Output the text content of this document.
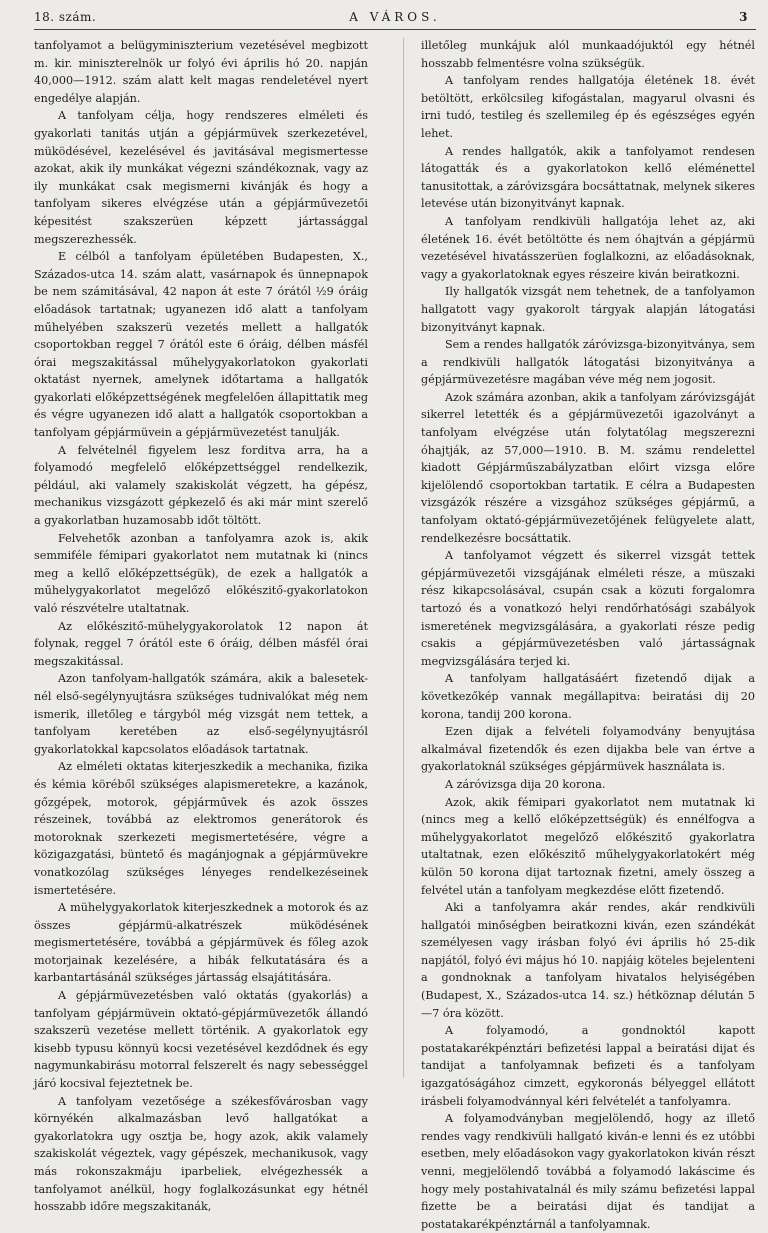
18. szám.	A VÁROS.	3

tanfolyamot a belügyminiszterium vezetésével megbizott m. kir. miniszterelnök ur folyó évi április hó 20. napján 40,000—1912. szám alatt kelt magas rendeletével nyert engedélye alapján.

A tanfolyam célja, hogy rendszeres elméleti és gyakorlati tanitás utján a gépjármüvek szerkezetével, müködésével, kezelésével és javitásával megismertesse azokat, akik ily munkákat végezni szándékoznak, vagy az ily munkákat csak megismerni kivánják és hogy a tanfolyam sikeres elvégzése után a gépjárművezetői képesitést szakszerüen képzett jártassággal megszerezhessék.

E célból a tanfolyam épületében Budapesten, X., Százados-utca 14. szám alatt, vasárnapok és ünnepnapok be nem számitásával, 42 napon át este 7 órától ½9 óráig előadások tartatnak; ugyanezen idő alatt a tanfolyam műhelyében szakszerü vezetés mellett a hallgatók csoportokban reggel 7 órától este 6 óráig, délben másfél órai megszakitással műhelygyakorlatokon gyakorlati oktatást nyernek, amelynek időtartama a hallgatók gyakorlati előképzettségének megfelelően állapittatik meg és végre ugyanezen idő alatt a hallgatók csoportokban a tanfolyam gépjármüvein a gépjármüvezetést tanulják.

A felvételnél figyelem lesz forditva arra, ha a folyamodó megfelelő előképzettséggel rendelkezik, például, aki valamely szakiskolát végzett, ha gépész, mechanikus vizsgázott gépkezelő és aki már mint szerelő a gyakorlatban huzamosabb időt töltött.

Felvehetők azonban a tanfolyamra azok is, akik semmiféle fémipari gyakorlatot nem mutatnak ki (nincs meg a kellő előképzettségük), de ezek a hallgatók a műhelygyakorlatot megelőző előkészitő-gyakorlatokon való részvételre utaltatnak.

Az előkészitő-mühelygyakorolatok 12 napon át folynak, reggel 7 órától este 6 óráig, délben másfél órai megszakitással.

Azon tanfolyam-hallgatók számára, akik a balesetek-nél első-segélynyujtásra szükséges tudnivalókat még nem ismerik, illetőleg e tárgyból még vizsgát nem tettek, a tanfolyam keretében az első-segélynyujtásról gyakorlatokkal kapcsolatos előadások tartatnak.

Az elméleti oktatas kiterjeszkedik a mechanika, fizika és kémia köréből szükséges alapismeretekre, a kazánok, gőzgépek, motorok, gépjárművek és azok összes részeinek, továbbá az elektromos generátorok és motoroknak szerkezeti megismertetésére, végre a közigazgatási, büntető és magánjognak a gépjármüvekre vonatkozólag szükséges lényeges rendelkezéseinek ismertetésére.

A mühelygyakorlatok kiterjeszkednek a motorok és az összes gépjármü-alkatrészek müködésének megismertetésére, továbbá a gépjármüvek és főleg azok motorjainak kezelésére, a hibák felkutatására és a karbantartásánál szükséges jártasság elsajátitására.

A gépjármüvezetésben való oktatás (gyakorlás) a tanfolyam gépjármüvein oktató-gépjármüvezetők állandó szakszerü vezetése mellett történik. A gyakorlatok egy kisebb typusu könnyü kocsi vezetésével kezdődnek és egy nagymunkabirásu motorral felszerelt és nagy sebességgel járó kocsival fejeztetnek be.

A tanfolyam vezetősége a székesfővárosban vagy környékén alkalmazásban levő hallgatókat a gyakorlatokra ugy osztja be, hogy azok, akik valamely szakiskolát végeztek, vagy gépészek, mechanikusok, vagy más rokonszakmáju iparbeliek, elvégezhessék a tanfolyamot anélkül, hogy foglalkozásunkat egy hétnél hosszabb időre megszakitanák,

illetőleg munkájuk alól munkaadójuktól egy hétnél hosszabb felmentésre volna szükségük.

A tanfolyam rendes hallgatója életének 18. évét betöltött, erkölcsileg kifogástalan, magyarul olvasni és irni tudó, testileg és szellemileg ép és egészséges egyén lehet.

A rendes hallgatók, akik a tanfolyamot rendesen látogatták és a gyakorlatokon kellő eléménettel tanusitottak, a záróvizsgára bocsáttatnak, melynek sikeres letevése után bizonyitványt kapnak.

A tanfolyam rendkivüli hallgatója lehet az, aki életének 16. évét betöltötte és nem óhajtván a gépjármü vezetésével hivatásszerüen foglalkozni, az előadásoknak, vagy a gyakorlatoknak egyes részeire kiván beiratkozni.

Ily hallgatók vizsgát nem tehetnek, de a tanfolyamon hallgatott vagy gyakorolt tárgyak alapján látogatási bizonyitványt kapnak.

Sem a rendes hallgatók záróvizsga-bizonyitványa, sem a rendkivüli hallgatók látogatási bizonyitványa a gépjármüvezetésre magában véve még nem jogosit.

Azok számára azonban, akik a tanfolyam záróvizsgáját sikerrel letették és a gépjármüvezetői igazolványt a tanfolyam elvégzése után folytatólag megszerezni óhajtják, az 57,000—1910. B. M. számu rendelettel kiadott Gépjárműszabályzatban előirt vizsga előre kijelölendő csoportokban tartatik. E célra a Budapesten vizsgázók részére a vizsgához szükséges gépjármű, a tanfolyam oktató-gépjármüvezetőjének felügyelete alatt, rendelkezésre bocsáttatik.

A tanfolyamot végzett és sikerrel vizsgát tettek gépjármüvezetői vizsgájának elméleti része, a müszaki rész kikapcsolásával, csupán csak a közuti forgalomra tartozó és a vonatkozó helyi rendőrhatósági szabályok ismeretének megvizsgálására, a gyakorlati része pedig csakis a gépjármüvezetésben való jártasságnak megvizsgálására terjed ki.

A tanfolyam hallgatásáért fizetendő dijak a következőkép vannak megállapitva: beiratási dij 20 korona, tandij 200 korona.

Ezen dijak a felvételi folyamodvány benyujtása alkalmával fizetendők és ezen dijakba bele van értve a gyakorlatoknál szükséges gépjármüvek használata is.

A záróvizsga dija 20 korona.

Azok, akik fémipari gyakorlatot nem mutatnak ki (nincs meg a kellő előképzettségük) és ennélfogva a műhelygyakorlatot megelőző előkészitő gyakorlatra utaltatnak, ezen előkészitő műhelygyakorlatokért még külön 50 korona dijat tartoznak fizetni, amely összeg a felvétel után a tanfolyam megkezdése előtt fizetendő.

Aki a tanfolyamra akár rendes, akár rendkivüli hallgatói minőségben beiratkozni kiván, ezen szándékát személyesen vagy irásban folyó évi április hó 25-dik napjától, folyó évi május hó 10. napjáig köteles bejelenteni a gondnoknak a tanfolyam hivatalos helyiségében (Budapest, X., Százados-utca 14. sz.) hétköznap délután 5—7 óra között.

A folyamodó, a gondnoktól kapott postatakarékpénztári befizetési lappal a beiratási dijat és tandijat a tanfolyamnak befizeti és a tanfolyam igazgatóságához cimzett, egykoronás bélyeggel ellátott irásbeli folyamodvánnyal kéri felvételét a tanfolyamra.

A folyamodványban megjelölendő, hogy az illető rendes vagy rendkivüli hallgató kiván-e lenni és ez utóbbi esetben, mely előadásokon vagy gyakorlatokon kiván részt venni, megjelölendő továbbá a folyamodó lakáscime és hogy mely postahivatalnál és mily számu befizetési lappal fizette be a beiratási dijat és tandijat a postatakarékpénztárnál a tanfolyamnak.
